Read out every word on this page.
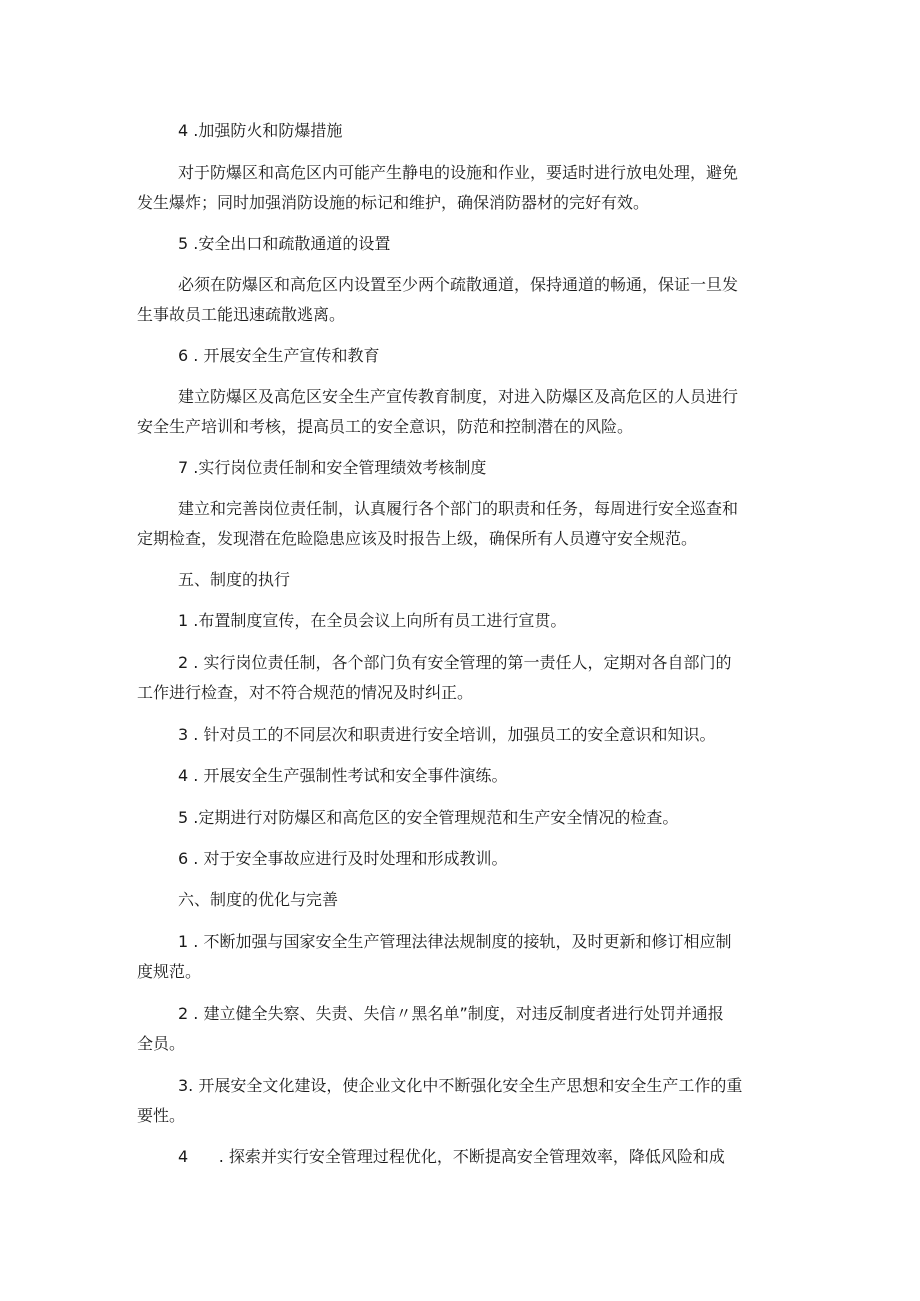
4 .加强防火和防爆措施
对于防爆区和高危区内可能产生静电的设施和作业，要适时进行放电处理，避免
发生爆炸；同时加强消防设施的标记和维护，确保消防器材的完好有效。
5 .安全出口和疏散通道的设置
必须在防爆区和高危区内设置至少两个疏散通道，保持通道的畅通，保证一旦发
生事故员工能迅速疏散逃离。
6 . 开展安全生产宣传和教育
建立防爆区及高危区安全生产宣传教育制度，对进入防爆区及高危区的人员进行
安全生产培训和考核，提高员工的安全意识，防范和控制潜在的风险。
7 .实行岗位责任制和安全管理绩效考核制度
建立和完善岗位责任制，认真履行各个部门的职责和任务，每周进行安全巡查和
定期检查，发现潜在危睑隐患应该及时报告上级，确保所有人员遵守安全规范。
五、制度的执行
1 .布置制度宣传，在全员会议上向所有员工进行宣贯。
2 . 实行岗位责任制，各个部门负有安全管理的第一责任人，定期对各自部门的
工作进行检查，对不符合规范的情况及时纠正。
3 . 针对员工的不同层次和职责进行安全培训，加强员工的安全意识和知识。
4 . 开展安全生产强制性考试和安全事件演练。
5 .定期进行对防爆区和高危区的安全管理规范和生产安全情况的检查。
6 . 对于安全事故应进行及时处理和形成教训。
六、制度的优化与完善
1 . 不断加强与国家安全生产管理法律法规制度的接轨，及时更新和修订相应制
度规范。
2 . 建立健全失察、失责、失信〃黑名单”制度，对违反制度者进行处罚并通报
全员。
3. 开展安全文化建设，使企业文化中不断强化安全生产思想和安全生产工作的重
要性。
4      . 探索并实行安全管理过程优化，不断提高安全管理效率，降低风险和成
